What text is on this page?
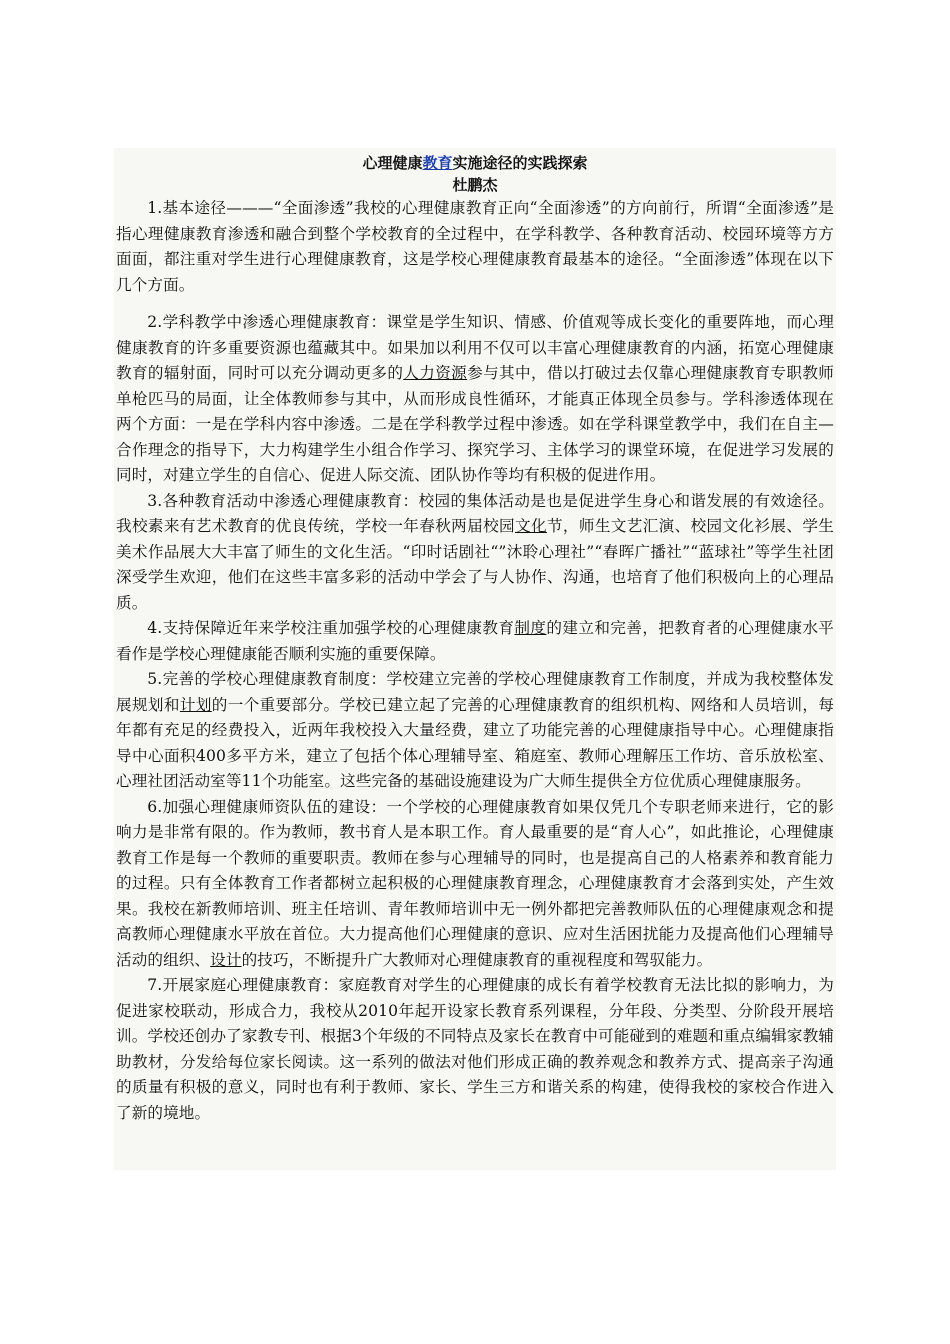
心理健康教育实施途径的实践探索

杜鹏杰

1.基本途径———“全面渗透”我校的心理健康教育正向“全面渗透”的方向前行，所谓“全面渗透”是指心理健康教育渗透和融合到整个学校教育的全过程中，在学科教学、各种教育活动、校园环境等方方面面，都注重对学生进行心理健康教育，这是学校心理健康教育最基本的途径。“全面渗透”体现在以下几个方面。

2.学科教学中渗透心理健康教育：课堂是学生知识、情感、价值观等成长变化的重要阵地，而心理健康教育的许多重要资源也蕴藏其中。如果加以利用不仅可以丰富心理健康教育的内涵，拓宽心理健康教育的辐射面，同时可以充分调动更多的人力资源参与其中，借以打破过去仅靠心理健康教育专职教师单枪匹马的局面，让全体教师参与其中，从而形成良性循环，才能真正体现全员参与。学科渗透体现在两个方面：一是在学科内容中渗透。二是在学科教学过程中渗透。如在学科课堂教学中，我们在自主—合作理念的指导下，大力构建学生小组合作学习、探究学习、主体学习的课堂环境，在促进学习发展的同时，对建立学生的自信心、促进人际交流、团队协作等均有积极的促进作用。

3.各种教育活动中渗透心理健康教育：校园的集体活动是也是促进学生身心和谐发展的有效途径。我校素来有艺术教育的优良传统，学校一年春秋两届校园文化节，师生文艺汇演、校园文化衫展、学生美术作品展大大丰富了师生的文化生活。“印时话剧社“”沐聆心理社”“春晖广播社”“蓝球社”等学生社团深受学生欢迎，他们在这些丰富多彩的活动中学会了与人协作、沟通，也培育了他们积极向上的心理品质。

4.支持保障近年来学校注重加强学校的心理健康教育制度的建立和完善，把教育者的心理健康水平看作是学校心理健康能否顺利实施的重要保障。

5.完善的学校心理健康教育制度：学校建立完善的学校心理健康教育工作制度，并成为我校整体发展规划和计划的一个重要部分。学校已建立起了完善的心理健康教育的组织机构、网络和人员培训，每年都有充足的经费投入，近两年我校投入大量经费，建立了功能完善的心理健康指导中心。心理健康指导中心面积400多平方米，建立了包括个体心理辅导室、箱庭室、教师心理解压工作坊、音乐放松室、心理社团活动室等11个功能室。这些完备的基础设施建设为广大师生提供全方位优质心理健康服务。

6.加强心理健康师资队伍的建设：一个学校的心理健康教育如果仅凭几个专职老师来进行，它的影响力是非常有限的。作为教师，教书育人是本职工作。育人最重要的是“育人心”，如此推论，心理健康教育工作是每一个教师的重要职责。教师在参与心理辅导的同时，也是提高自己的人格素养和教育能力的过程。只有全体教育工作者都树立起积极的心理健康教育理念，心理健康教育才会落到实处，产生效果。我校在新教师培训、班主任培训、青年教师培训中无一例外都把完善教师队伍的心理健康观念和提高教师心理健康水平放在首位。大力提高他们心理健康的意识、应对生活困扰能力及提高他们心理辅导活动的组织、设计的技巧，不断提升广大教师对心理健康教育的重视程度和驾驭能力。

7.开展家庭心理健康教育：家庭教育对学生的心理健康的成长有着学校教育无法比拟的影响力，为促进家校联动，形成合力，我校从2010年起开设家长教育系列课程，分年段、分类型、分阶段开展培训。学校还创办了家教专刊、根据3个年级的不同特点及家长在教育中可能碰到的难题和重点编辑家教辅助教材，分发给每位家长阅读。这一系列的做法对他们形成正确的教养观念和教养方式、提高亲子沟通的质量有积极的意义，同时也有利于教师、家长、学生三方和谐关系的构建，使得我校的家校合作进入了新的境地。
